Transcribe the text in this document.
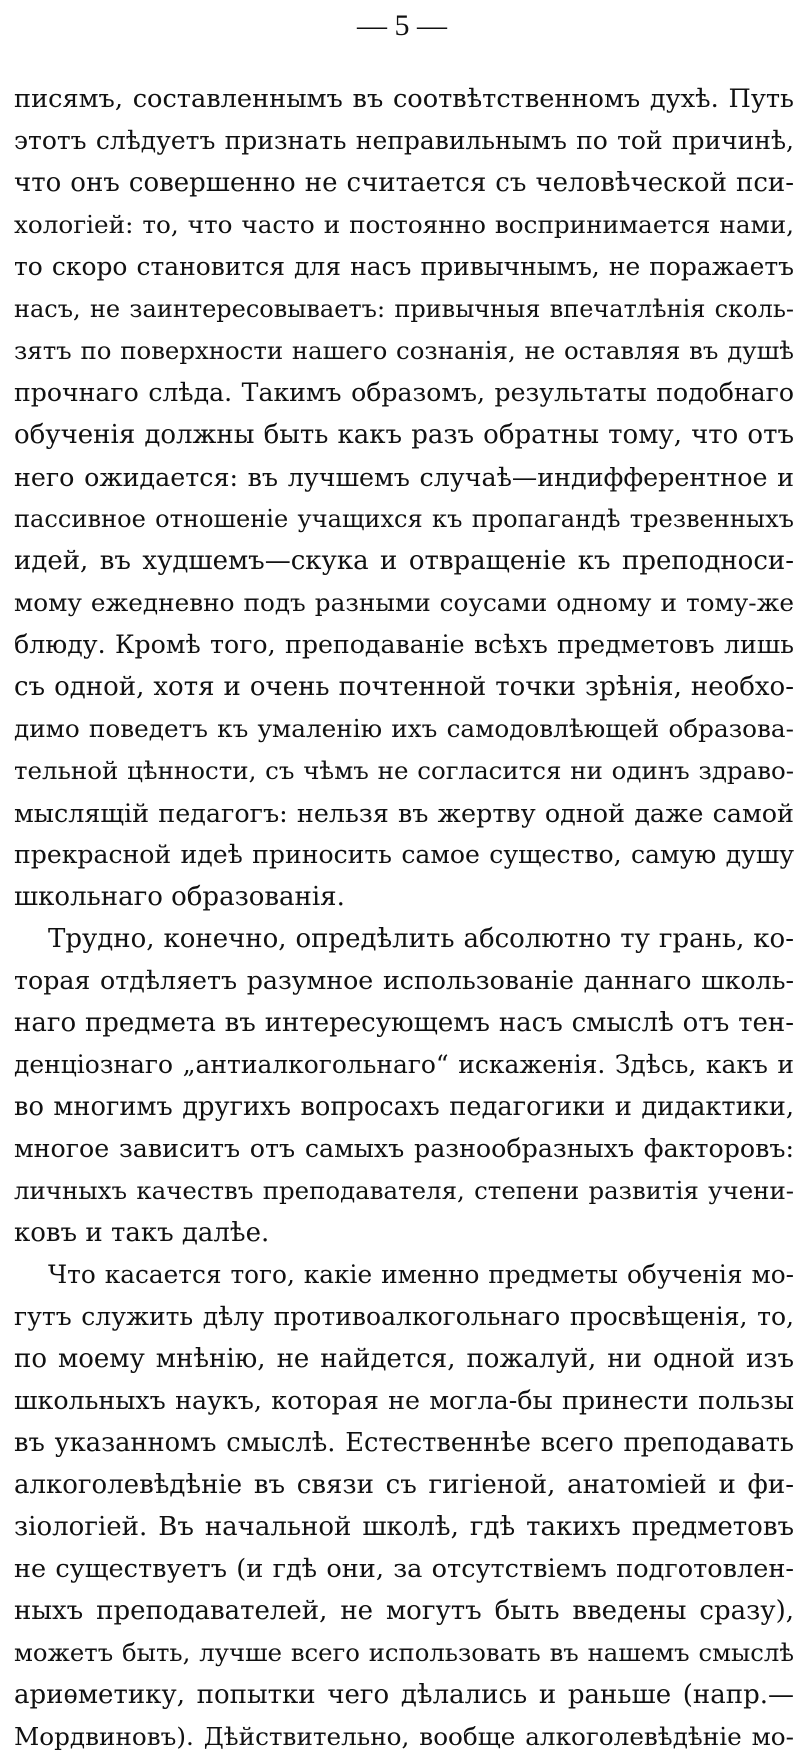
— 5 —
писямъ, составленнымъ въ соотвѣтственномъ духѣ. Путь
этотъ слѣдуетъ признать неправильнымъ по той причинѣ,
что онъ совершенно не считается съ человѣческой пси-
хологіей: то, что часто и постоянно воспринимается нами,
то скоро становится для насъ привычнымъ, не поражаетъ
насъ, не заинтересовываетъ: привычныя впечатлѣнія сколь-
зятъ по поверхности нашего сознанія, не оставляя въ душѣ
прочнаго слѣда. Такимъ образомъ, результаты подобнаго
обученія должны быть какъ разъ обратны тому, что отъ
него ожидается: въ лучшемъ случаѣ—индифферентное и
пассивное отношеніе учащихся къ пропагандѣ трезвенныхъ
идей, въ худшемъ—скука и отвращеніе къ преподноси-
мому ежедневно подъ разными соусами одному и тому-же
блюду. Кромѣ того, преподаваніе всѣхъ предметовъ лишь
съ одной, хотя и очень почтенной точки зрѣнія, необхо-
димо поведетъ къ умаленію ихъ самодовлѣющей образова-
тельной цѣнности, съ чѣмъ не согласится ни одинъ здраво-
мыслящій педагогъ: нельзя въ жертву одной даже самой
прекрасной идеѣ приносить самое существо, самую душу
школьнаго образованія.
Трудно, конечно, опредѣлить абсолютно ту грань, ко-
торая отдѣляетъ разумное использованіе даннаго школь-
наго предмета въ интересующемъ насъ смыслѣ отъ тен-
денціознаго „антиалкогольнаго“ искаженія. Здѣсь, какъ и
во многимъ другихъ вопросахъ педагогики и дидактики,
многое зависитъ отъ самыхъ разнообразныхъ факторовъ:
личныхъ качествъ преподавателя, степени развитія учени-
ковъ и такъ далѣе.
Что касается того, какіе именно предметы обученія мо-
гутъ служить дѣлу противоалкогольнаго просвѣщенія, то,
по моему мнѣнію, не найдется, пожалуй, ни одной изъ
школьныхъ наукъ, которая не могла-бы принести пользы
въ указанномъ смыслѣ. Естественнѣе всего преподавать
алкоголевѣдѣніе въ связи съ гигіеной, анатоміей и фи-
зіологіей. Въ начальной школѣ, гдѣ такихъ предметовъ
не существуетъ (и гдѣ они, за отсутствіемъ подготовлен-
ныхъ преподавателей, не могутъ быть введены сразу),
можетъ быть, лучше всего использовать въ нашемъ смыслѣ
ариѳметику, попытки чего дѣлались и раньше (напр.—
Мордвиновъ). Дѣйствительно, вообще алкоголевѣдѣніе мо-
